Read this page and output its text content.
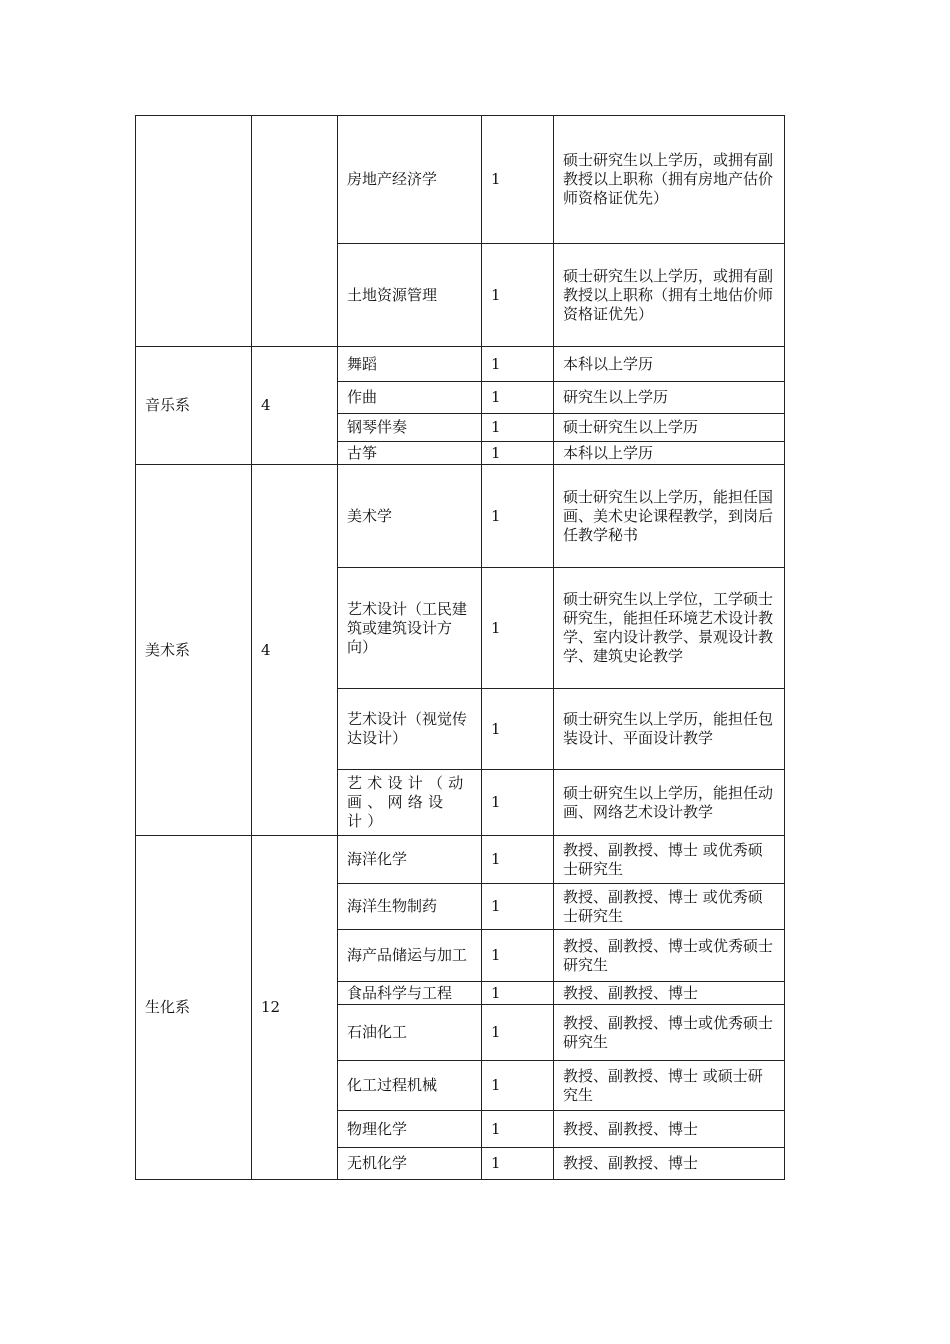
		房地产经济学	1	硕士研究生以上学历，或拥有副教授以上职称（拥有房地产估价师资格证优先）
		土地资源管理	1	硕士研究生以上学历，或拥有副教授以上职称（拥有土地估价师资格证优先）
音乐系	4	舞蹈	1	本科以上学历
		作曲	1	研究生以上学历
		钢琴伴奏	1	硕士研究生以上学历
		古筝	1	本科以上学历
美术系	4	美术学	1	硕士研究生以上学历，能担任国画、美术史论课程教学，到岗后任教学秘书
		艺术设计（工民建筑或建筑设计方向）	1	硕士研究生以上学位，工学硕士研究生，能担任环境艺术设计教学、室内设计教学、景观设计教学、建筑史论教学
		艺术设计（视觉传达设计）	1	硕士研究生以上学历，能担任包装设计、平面设计教学
		艺术设计（动画、网络设计）	1	硕士研究生以上学历，能担任动画、网络艺术设计教学
生化系	12	海洋化学	1	教授、副教授、博士 或优秀硕士研究生
		海洋生物制药	1	教授、副教授、博士 或优秀硕士研究生
		海产品储运与加工	1	教授、副教授、博士或优秀硕士研究生
		食品科学与工程	1	教授、副教授、博士
		石油化工	1	教授、副教授、博士或优秀硕士研究生
		化工过程机械	1	教授、副教授、博士 或硕士研究生
		物理化学	1	教授、副教授、博士
		无机化学	1	教授、副教授、博士
